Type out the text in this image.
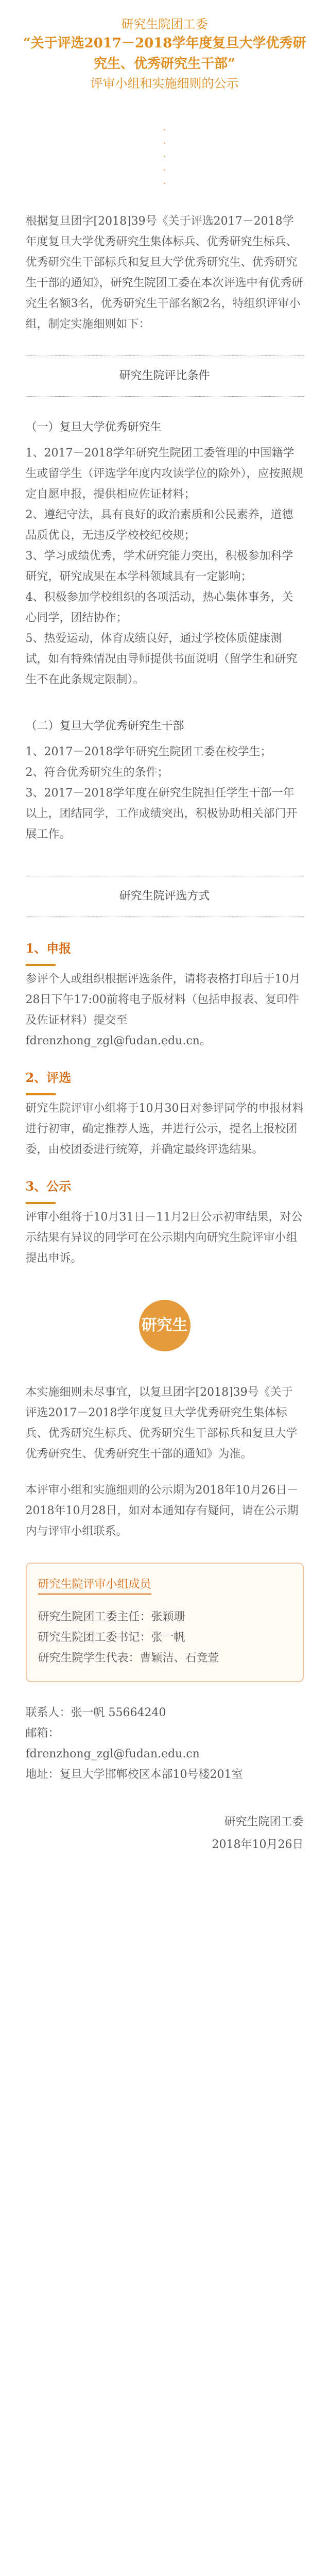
研究生院团工委
“关于评选2017－2018学年度复旦大学优秀研究生、优秀研究生干部”
评审小组和实施细则的公示
·
·
·
·
·

根据复旦团字[2018]39号《关于评选2017－2018学年度复旦大学优秀研究生集体标兵、优秀研究生标兵、优秀研究生干部标兵和复旦大学优秀研究生、优秀研究生干部的通知》，研究生院团工委在本次评选中有优秀研究生名额3名，优秀研究生干部名额2名，特组织评审小组，制定实施细则如下：

研究生院评比条件
（一）复旦大学优秀研究生

1、2017－2018学年研究生院团工委管理的中国籍学生或留学生（评选学年度内攻读学位的除外），应按照规定自愿申报，提供相应佐证材料；

2、遵纪守法，具有良好的政治素质和公民素养，道德品质优良，无违反学校校纪校规；

3、学习成绩优秀，学术研究能力突出，积极参加科学研究，研究成果在本学科领域具有一定影响；

4、积极参加学校组织的各项活动，热心集体事务，关心同学，团结协作；

5、热爱运动，体育成绩良好，通过学校体质健康测试，如有特殊情况由导师提供书面说明（留学生和研究生不在此条规定限制）。

（二）复旦大学优秀研究生干部

1、2017－2018学年研究生院团工委在校学生；

2、符合优秀研究生的条件；

3、2017－2018学年度在研究生院担任学生干部一年以上，团结同学，工作成绩突出，积极协助相关部门开展工作。

研究生院评选方式
1、申报

参评个人或组织根据评选条件，请将表格打印后于10月28日下午17:00前将电子版材料（包括申报表、复印件及佐证材料）提交至fdrenzhong_zgl@fudan.edu.cn。

2、评选

研究生院评审小组将于10月30日对参评同学的申报材料进行初审，确定推荐人选，并进行公示，提名上报校团委，由校团委进行统筹，并确定最终评选结果。

3、公示

评审小组将于10月31日－11月2日公示初审结果，对公示结果有异议的同学可在公示期内向研究生院评审小组提出申诉。

研究生

本实施细则未尽事宜，以复旦团字[2018]39号《关于评选2017－2018学年度复旦大学优秀研究生集体标兵、优秀研究生标兵、优秀研究生干部标兵和复旦大学优秀研究生、优秀研究生干部的通知》为准。

本评审小组和实施细则的公示期为2018年10月26日－2018年10月28日，如对本通知存有疑问，请在公示期内与评审小组联系。

研究生院评审小组成员

研究生院团工委主任：张颖珊

研究生院团工委书记：张一帆

研究生院学生代表：曹颖洁、石竞萱

联系人：张一帆 55664240

邮箱：

fdrenzhong_zgl@fudan.edu.cn

地址：复旦大学邯郸校区本部10号楼201室

研究生院团工委
2018年10月26日
